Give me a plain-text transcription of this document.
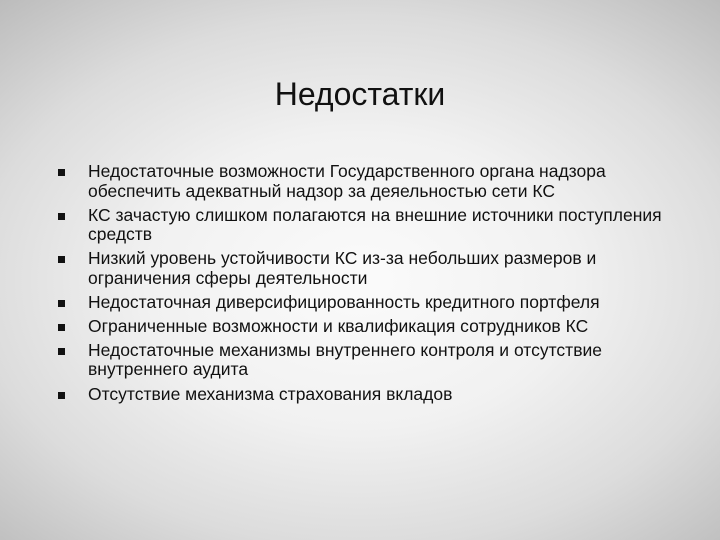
Недостатки
Недостаточные возможности Государственного органа надзора обеспечить адекватный надзор за деяельностью сети КС
КС зачастую слишком полагаются на внешние источники поступления средств
Низкий уровень устойчивости КС из-за небольших размеров и ограничения сферы деятельности
Недостаточная диверсифицированность кредитного портфеля
Ограниченные возможности и квалификация сотрудников КС
Недостаточные механизмы внутреннего контроля и отсутствие внутреннего аудита
Отсутствие механизма страхования вкладов
